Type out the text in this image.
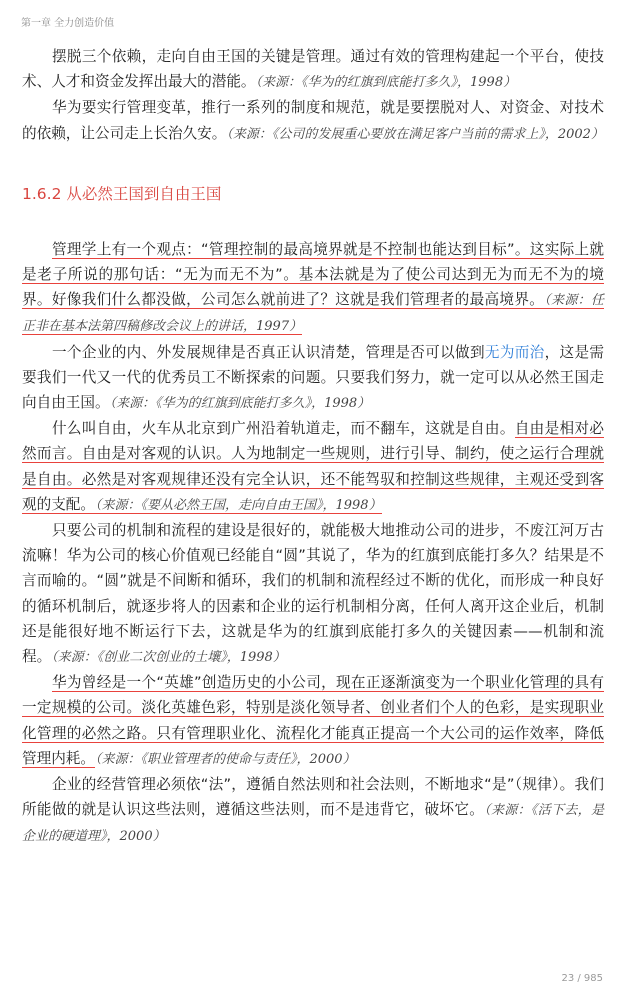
第一章 全力创造价值

摆脱三个依赖，走向自由王国的关键是管理。通过有效的管理构建起一个平台，使技术、人才和资金发挥出最大的潜能。（来源：《华为的红旗到底能打多久》，1998）

华为要实行管理变革，推行一系列的制度和规范，就是要摆脱对人、对资金、对技术的依赖，让公司走上长治久安。（来源：《公司的发展重心要放在满足客户当前的需求上》，2002）

1.6.2 从必然王国到自由王国

管理学上有一个观点：“管理控制的最高境界就是不控制也能达到目标”。这实际上就是老子所说的那句话：“无为而无不为”。基本法就是为了使公司达到无为而无不为的境界。好像我们什么都没做，公司怎么就前进了？这就是我们管理者的最高境界。（来源：任正非在基本法第四稿修改会议上的讲话，1997）

一个企业的内、外发展规律是否真正认识清楚，管理是否可以做到无为而治，这是需要我们一代又一代的优秀员工不断探索的问题。只要我们努力，就一定可以从必然王国走向自由王国。（来源：《华为的红旗到底能打多久》，1998）

什么叫自由，火车从北京到广州沿着轨道走，而不翻车，这就是自由。自由是相对必然而言。自由是对客观的认识。人为地制定一些规则，进行引导、制约，使之运行合理就是自由。必然是对客观规律还没有完全认识，还不能驾驭和控制这些规律，主观还受到客观的支配。（来源：《要从必然王国，走向自由王国》，1998）

只要公司的机制和流程的建设是很好的，就能极大地推动公司的进步，不废江河万古流嘛！华为公司的核心价值观已经能自“圆”其说了，华为的红旗到底能打多久？结果是不言而喻的。“圆”就是不间断和循环，我们的机制和流程经过不断的优化，而形成一种良好的循环机制后，就逐步将人的因素和企业的运行机制相分离，任何人离开这企业后，机制还是能很好地不断运行下去，这就是华为的红旗到底能打多久的关键因素——机制和流程。（来源：《创业二次创业的土壤》，1998）

华为曾经是一个“英雄”创造历史的小公司，现在正逐渐演变为一个职业化管理的具有一定规模的公司。淡化英雄色彩，特别是淡化领导者、创业者们个人的色彩，是实现职业化管理的必然之路。只有管理职业化、流程化才能真正提高一个大公司的运作效率，降低管理内耗。（来源：《职业管理者的使命与责任》，2000）

企业的经营管理必须依“法”，遵循自然法则和社会法则，不断地求“是”（规律）。我们所能做的就是认识这些法则，遵循这些法则，而不是违背它，破坏它。（来源：《活下去，是企业的硬道理》，2000）

23 / 985
